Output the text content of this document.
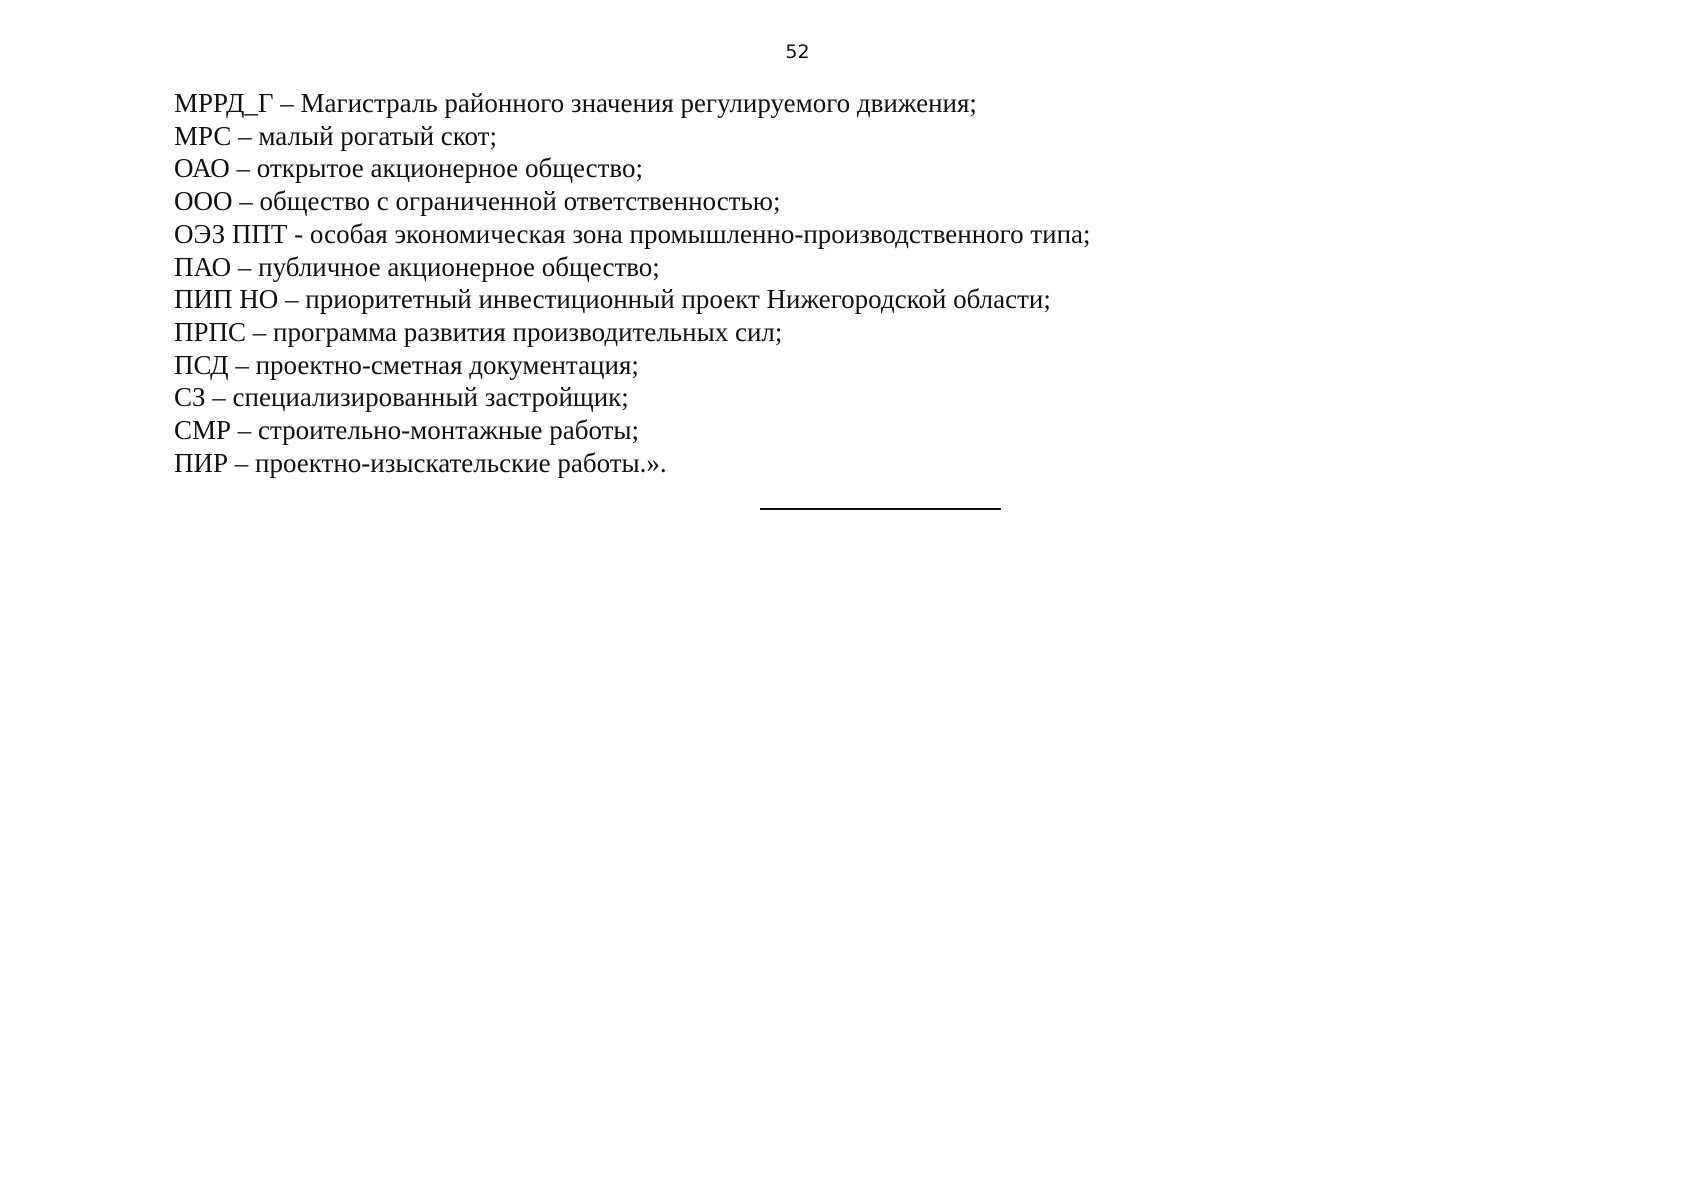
52
МРРД_Г – Магистраль районного значения регулируемого движения;
МРС – малый рогатый скот;
ОАО – открытое акционерное общество;
ООО – общество с ограниченной ответственностью;
ОЭЗ ППТ - особая экономическая зона промышленно-производственного типа;
ПАО – публичное акционерное общество;
ПИП НО – приоритетный инвестиционный проект Нижегородской области;
ПРПС – программа развития производительных сил;
ПСД – проектно-сметная документация;
СЗ – специализированный застройщик;
СМР – строительно-монтажные работы;
ПИР – проектно-изыскательские работы.».
